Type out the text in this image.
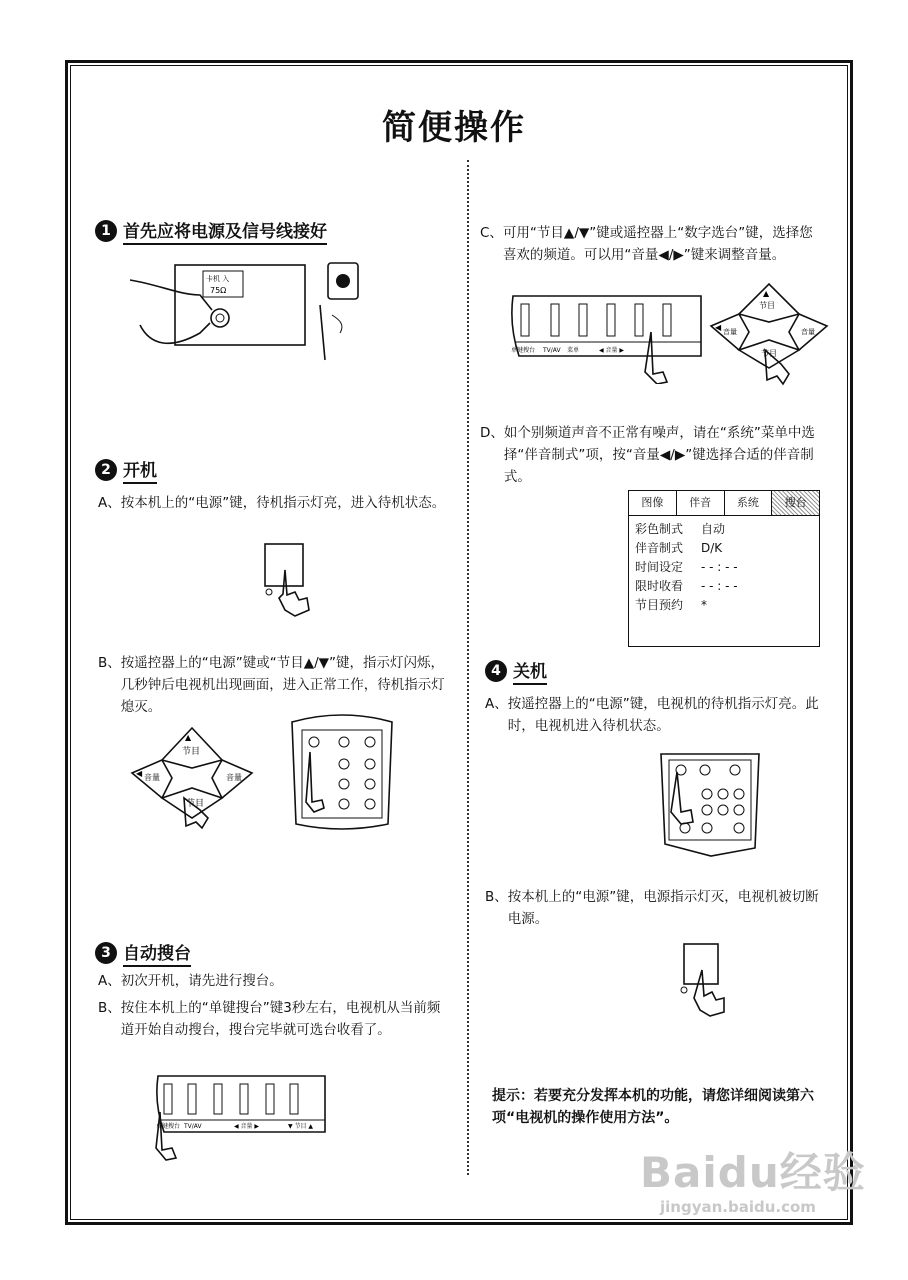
简便操作
1 首先应将电源及信号线接好
卡机 入
75Ω
2 开机
A、 按本机上的“电源”键，待机指示灯亮，进入待机状态。
B、 按遥控器上的“电源”键或“节目▲/▼”键，指示灯闪烁，几秒钟后电视机出现画面，进入正常工作，待机指示灯熄灭。
▲
节目
◀ 音量	音量
节目
3 自动搜台
A、 初次开机，请先进行搜台。
B、 按住本机上的“单键搜台”键3秒左右，电视机从当前频道开始自动搜台，搜台完毕就可选台收看了。
单键搜台 TV/AV	◀ 音量 ▶	▼ 节目 ▲
C、 可用“节目▲/▼”键或遥控器上“数字选台”键，选择您喜欢的频道。可以用“音量◀/▶”键来调整音量。
单键搜台 TV/AV 菜单	◀ 音量 ▶
▲
节目
◀ 音量	音量
节目
D、 如个别频道声音不正常有噪声，请在“系统”菜单中选择“伴音制式”项，按“音量◀/▶”键选择合适的伴音制式。
图像	伴音	系统	搜台
彩色制式	自动
伴音制式	D/K
时间设定	- - : - -
限时收看	- - : - -
节目预约	*
4 关机
A、 按遥控器上的“电源”键，电视机的待机指示灯亮。此时，电视机进入待机状态。
B、 按本机上的“电源”键，电源指示灯灭，电视机被切断电源。
提示：若要充分发挥本机的功能，请您详细阅读第六项“电视机的操作使用方法”。
Baidu经验
jingyan.baidu.com
